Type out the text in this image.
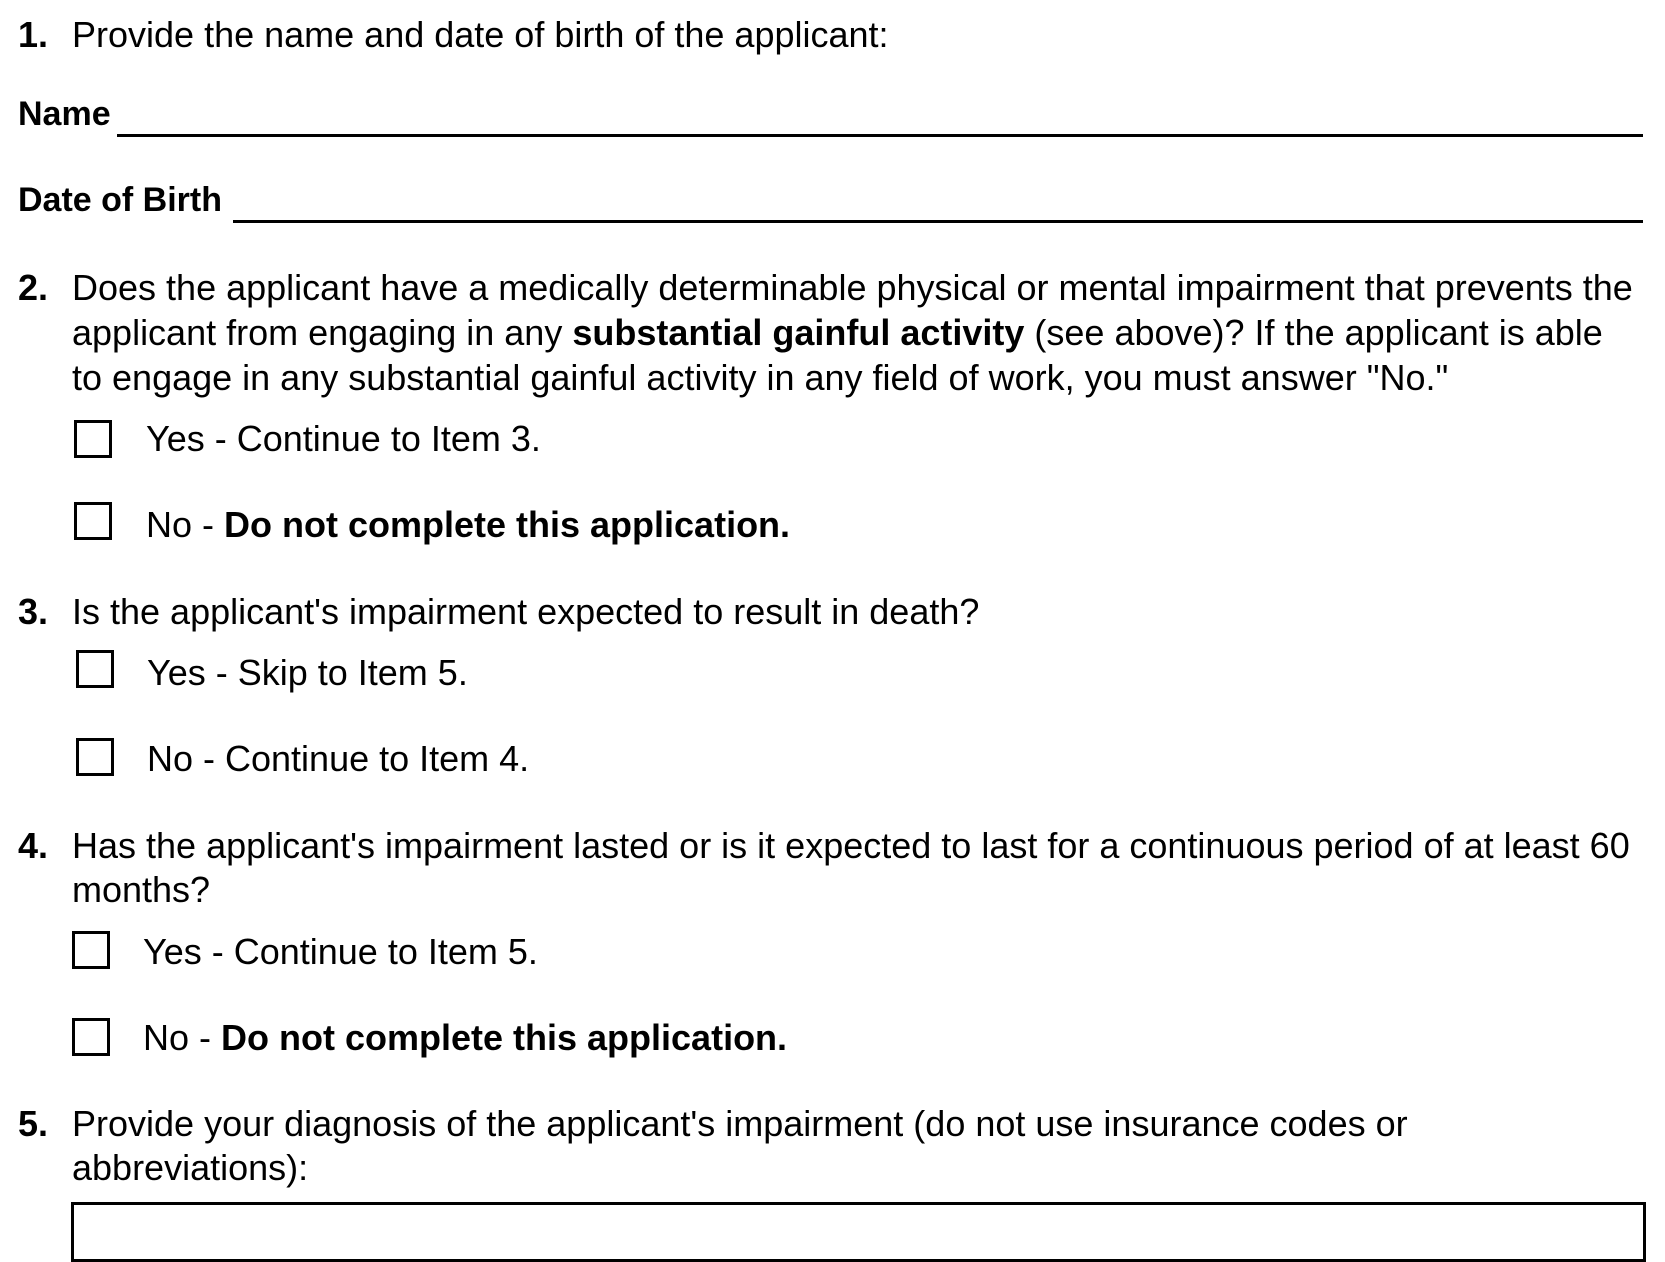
1. Provide the name and date of birth of the applicant:
Name
Date of Birth
2. Does the applicant have a medically determinable physical or mental impairment that prevents the
applicant from engaging in any substantial gainful activity (see above)? If the applicant is able
to engage in any substantial gainful activity in any field of work, you must answer "No."
Yes - Continue to Item 3.
No - Do not complete this application.
3. Is the applicant's impairment expected to result in death?
Yes - Skip to Item 5.
No - Continue to Item 4.
4. Has the applicant's impairment lasted or is it expected to last for a continuous period of at least 60
months?
Yes - Continue to Item 5.
No - Do not complete this application.
5. Provide your diagnosis of the applicant's impairment (do not use insurance codes or
abbreviations):
